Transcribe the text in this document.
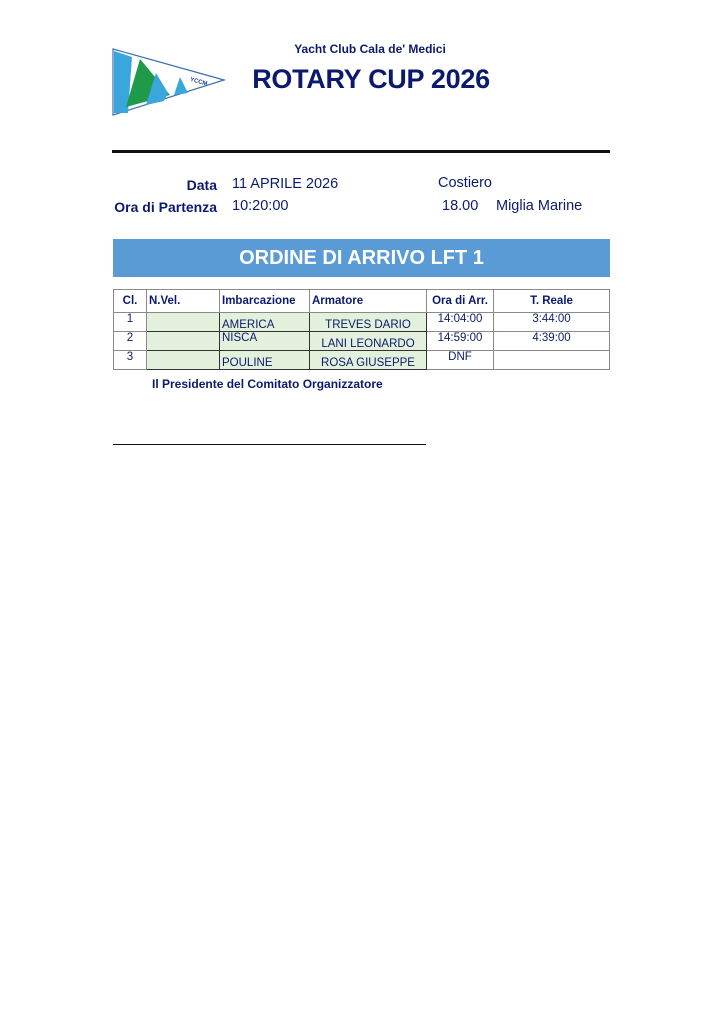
YCCM
Yacht Club Cala de' Medici
ROTARY CUP 2026
Data 11 APRILE 2026
Ora di Partenza 10:20:00
Costiero
18.00 Miglia Marine
ORDINE DI ARRIVO LFT 1
Cl.	N.Vel.	Imbarcazione	Armatore	Ora di Arr.	T. Reale
1		AMERICA	TREVES DARIO	14:04:00	3:44:00
2		NISCA	LANI LEONARDO	14:59:00	4:39:00
3		POULINE	ROSA GIUSEPPE	DNF	
Il Presidente del Comitato Organizzatore
